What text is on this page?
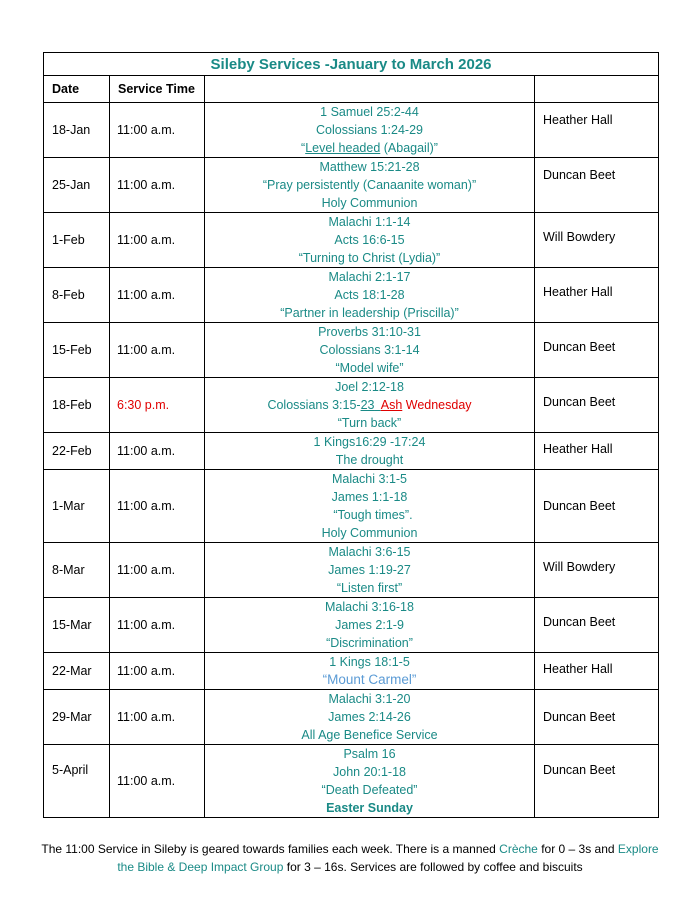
Sileby Services -January to March 2026			
Date	Service Time		
18-Jan	11:00 a.m.	1 Samuel 25:2-44
Colossians 1:24-29
“Level headed (Abagail)”	Heather Hall
25-Jan	11:00 a.m.	Matthew 15:21-28
“Pray persistently (Canaanite woman)”
Holy Communion	Duncan Beet
1-Feb	11:00 a.m.	Malachi 1:1-14
Acts 16:6-15
“Turning to Christ (Lydia)”	Will Bowdery
8-Feb	11:00 a.m.	Malachi 2:1-17
Acts 18:1-28
“Partner in leadership (Priscilla)”	Heather Hall
15-Feb	11:00 a.m.	Proverbs 31:10-31
Colossians 3:1-14
“Model wife”	Duncan Beet
18-Feb	6:30 p.m.	Joel 2:12-18
Colossians 3:15-23 Ash Wednesday
“Turn back”	Duncan Beet
22-Feb	11:00 a.m.	1 Kings16:29 -17:24
The drought	Heather Hall
1-Mar	11:00 a.m.	Malachi 3:1-5
James 1:1-18
“Tough times”.
Holy Communion	Duncan Beet
8-Mar	11:00 a.m.	Malachi 3:6-15
James 1:19-27
“Listen first”	Will Bowdery
15-Mar	11:00 a.m.	Malachi 3:16-18
James 2:1-9
“Discrimination”	Duncan Beet
22-Mar	11:00 a.m.	1 Kings 18:1-5
“Mount Carmel”	Heather Hall
29-Mar	11:00 a.m.	Malachi 3:1-20
James 2:14-26
All Age Benefice Service	Duncan Beet
5-April	11:00 a.m.	Psalm 16
John 20:1-18
“Death Defeated”
Easter Sunday	Duncan Beet
The 11:00 Service in Sileby is geared towards families each week. There is a manned Crèche for 0 – 3s and Explore
the Bible & Deep Impact Group for 3 – 16s. Services are followed by coffee and biscuits
